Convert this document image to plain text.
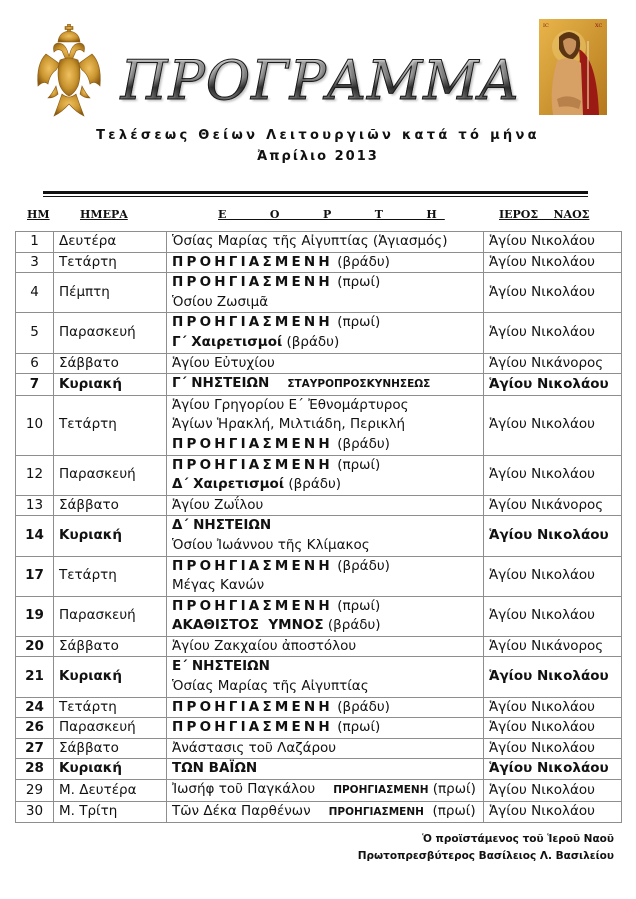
ΠΡΟΓΡΑΜΜΑ
IC	XC
Τελέσεως Θείων Λειτουργιῶν κατά τό μήνα
Ἀπρίλιο 2013
ΗΜ	ΗΜΕΡΑ	Ε   Ο   Ρ   Τ   Η	ΙΕΡΟΣ    ΝΑΟΣ
1	Δευτέρα	Ὁσίας Μαρίας τῆς Αἰγυπτίας (Ἁγιασμός)	Ἁγίου Νικολάου
3	Τετάρτη	ΠΡΟΗΓΙΑΣΜΕΝΗ (βράδυ)	Ἁγίου Νικολάου
4	Πέμπτη	ΠΡΟΗΓΙΑΣΜΕΝΗ (πρωί)
Ὁσίου Ζωσιμᾶ	Ἁγίου Νικολάου
5	Παρασκευή	ΠΡΟΗΓΙΑΣΜΕΝΗ (πρωί)
Γ΄ Χαιρετισμοί (βράδυ)	Ἁγίου Νικολάου
6	Σάββατο	Ἁγίου Εὐτυχίου	Ἁγίου Νικάνορος
7	Κυριακή	Γ΄ ΝΗΣΤΕΙΩΝ ΣΤΑΥΡΟΠΡΟΣΚΥΝΗΣΕΩΣ	Ἁγίου Νικολάου
10	Τετάρτη	Ἁγίου Γρηγορίου Ε΄ Ἐθνομάρτυρος
Ἁγίων Ἡρακλή, Μιλτιάδη, Περικλή
ΠΡΟΗΓΙΑΣΜΕΝΗ (βράδυ)	Ἁγίου Νικολάου
12	Παρασκευή	ΠΡΟΗΓΙΑΣΜΕΝΗ (πρωί)
Δ΄ Χαιρετισμοί (βράδυ)	Ἁγίου Νικολάου
13	Σάββατο	Ἁγίου Ζωΐλου	Ἁγίου Νικάνορος
14	Κυριακή	Δ΄ ΝΗΣΤΕΙΩΝ
Ὁσίου Ἰωάννου τῆς Κλίμακος	Ἁγίου Νικολάου
17	Τετάρτη	ΠΡΟΗΓΙΑΣΜΕΝΗ (βράδυ)
Μέγας Κανών	Ἁγίου Νικολάου
19	Παρασκευή	ΠΡΟΗΓΙΑΣΜΕΝΗ (πρωί)
ΑΚΑΘΙΣΤΟΣ  ΥΜΝΟΣ (βράδυ)	Ἁγίου Νικολάου
20	Σάββατο	Ἁγίου Ζακχαίου ἀποστόλου	Ἁγίου Νικάνορος
21	Κυριακή	Ε΄ ΝΗΣΤΕΙΩΝ
Ὁσίας Μαρίας τῆς Αἰγυπτίας	Ἁγίου Νικολάου
24	Τετάρτη	ΠΡΟΗΓΙΑΣΜΕΝΗ (βράδυ)	Ἁγίου Νικολάου
26	Παρασκευή	ΠΡΟΗΓΙΑΣΜΕΝΗ (πρωί)	Ἁγίου Νικολάου
27	Σάββατο	Ἀνάστασις τοῦ Λαζάρου	Ἁγίου Νικολάου
28	Κυριακή	ΤΩΝ ΒΑΪΩΝ	Ἁγίου Νικολάου
29	Μ. Δευτέρα	Ἰωσήφ τοῦ Παγκάλου ΠΡΟΗΓΙΑΣΜΕΝΗ (πρωί)	Ἁγίου Νικολάου
30	Μ. Τρίτη	Τῶν Δέκα Παρθένων ΠΡΟΗΓΙΑΣΜΕΝΗ  (πρωί)	Ἁγίου Νικολάου
Ὁ προϊστάμενος τοῦ Ἱεροῦ Ναοῦ
Πρωτοπρεσβύτερος Βασίλειος Λ. Βασιλείου
